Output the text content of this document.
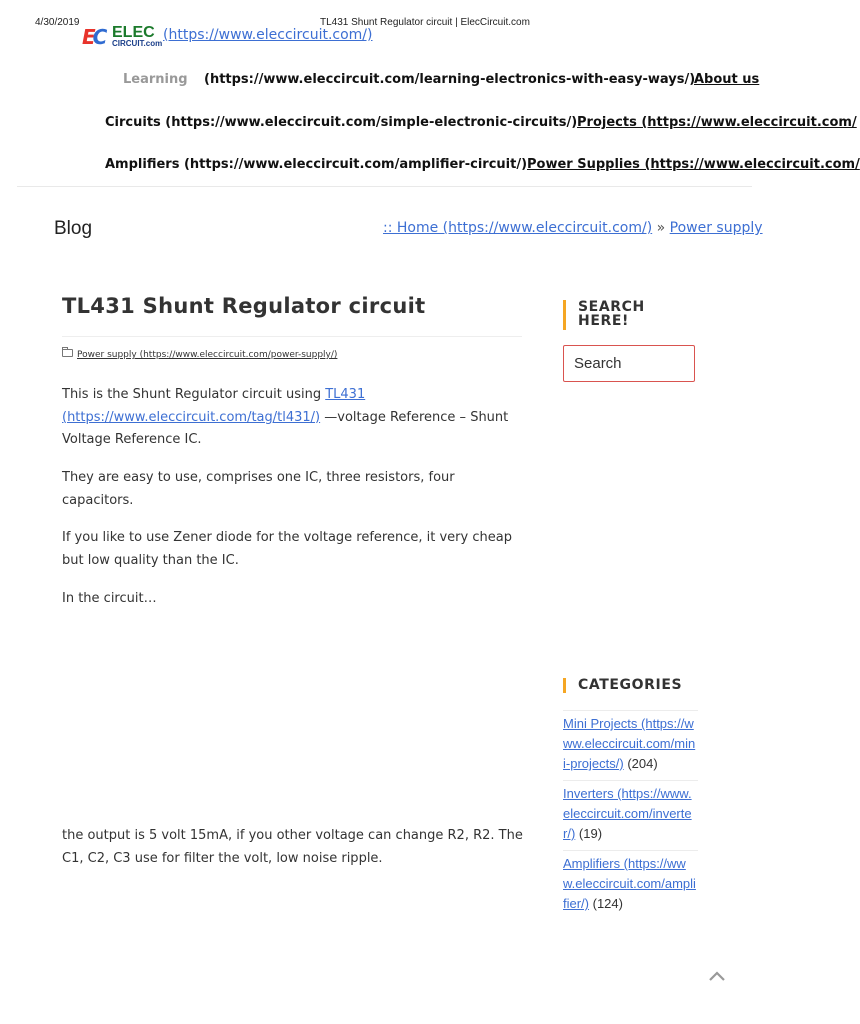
4/30/2019	TL431 Shunt Regulator circuit | ElecCircuit.com
EC ELEC
CIRCUIT.com
(https://www.eleccircuit.com/)
Learning (https://www.eleccircuit.com/learning-electronics-with-easy-ways/)
About us
Circuits (https://www.eleccircuit.com/simple-electronic-circuits/) Projects (https://www.eleccircuit.com/
Amplifiers (https://www.eleccircuit.com/amplifier-circuit/) Power Supplies (https://www.eleccircuit.com/
Blog	:: Home (https://www.eleccircuit.com/) » Power supply
TL431 Shunt Regulator circuit
Power supply (https://www.eleccircuit.com/power-supply/)
This is the Shunt Regulator circuit using TL431 (https://www.eleccircuit.com/tag/tl431/) —voltage Reference – Shunt Voltage Reference IC.
They are easy to use, comprises one IC, three resistors, four capacitors.
If you like to use Zener diode for the voltage reference, it very cheap but low quality than the IC.
In the circuit…
the output is 5 volt 15mA, if you other voltage can change R2, R2. The C1, C2, C3 use for filter the volt, low noise ripple.
SEARCH HERE!
Search
CATEGORIES
Mini Projects (https://www.eleccircuit.com/mini-projects/) (204)
Inverters (https://www.eleccircuit.com/inverter/) (19)
Amplifiers (https://www.eleccircuit.com/amplifier/) (124)
